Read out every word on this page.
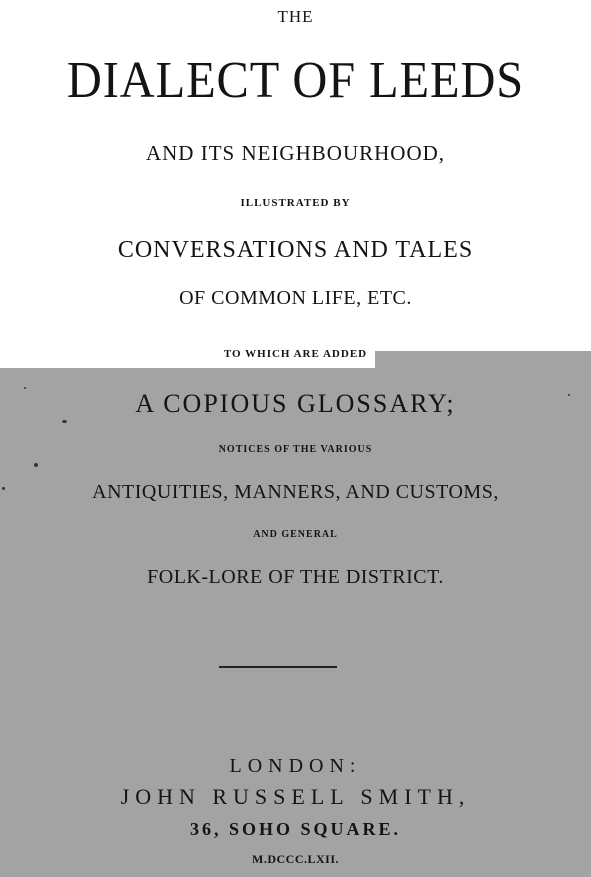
THE
DIALECT OF LEEDS
AND ITS NEIGHBOURHOOD,
ILLUSTRATED BY
CONVERSATIONS AND TALES
OF COMMON LIFE, ETC.
TO WHICH ARE ADDED
A COPIOUS GLOSSARY;
NOTICES OF THE VARIOUS
ANTIQUITIES, MANNERS, AND CUSTOMS,
AND GENERAL
FOLK-LORE OF THE DISTRICT.
LONDON:
JOHN RUSSELL SMITH,
36, SOHO SQUARE.
M.DCCC.LXII.
